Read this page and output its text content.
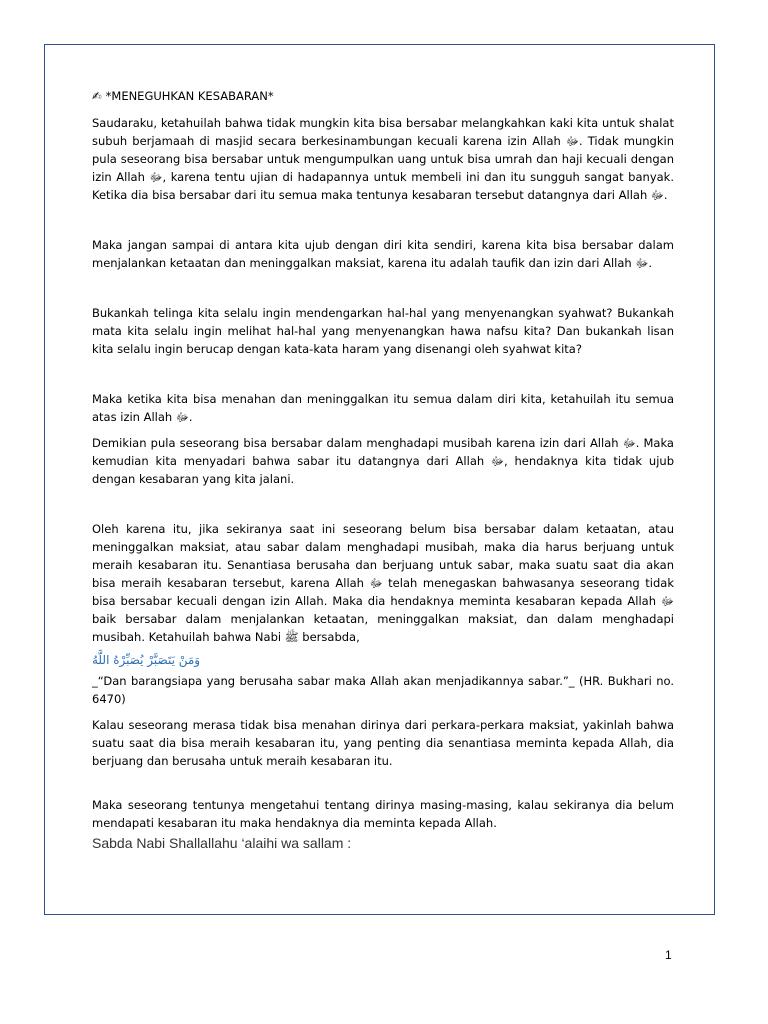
✍ *MENEGUHKAN KESABARAN*

Saudaraku, ketahuilah bahwa tidak mungkin kita bisa bersabar melangkahkan kaki kita untuk shalat subuh berjamaah di masjid secara berkesinambungan kecuali karena izin Allah ﷻ. Tidak mungkin pula seseorang bisa bersabar untuk mengumpulkan uang untuk bisa umrah dan haji kecuali dengan izin Allah ﷻ, karena tentu ujian di hadapannya untuk membeli ini dan itu sungguh sangat banyak. Ketika dia bisa bersabar dari itu semua maka tentunya kesabaran tersebut datangnya dari Allah ﷻ.

Maka jangan sampai di antara kita ujub dengan diri kita sendiri, karena kita bisa bersabar dalam menjalankan ketaatan dan meninggalkan maksiat, karena itu adalah taufik dan izin dari Allah ﷻ.

Bukankah telinga kita selalu ingin mendengarkan hal-hal yang menyenangkan syahwat? Bukankah mata kita selalu ingin melihat hal-hal yang menyenangkan hawa nafsu kita? Dan bukankah lisan kita selalu ingin berucap dengan kata-kata haram yang disenangi oleh syahwat kita?

Maka ketika kita bisa menahan dan meninggalkan itu semua dalam diri kita, ketahuilah itu semua atas izin Allah ﷻ.

Demikian pula seseorang bisa bersabar dalam menghadapi musibah karena izin dari Allah ﷻ. Maka kemudian kita menyadari bahwa sabar itu datangnya dari Allah ﷻ, hendaknya kita tidak ujub dengan kesabaran yang kita jalani.

Oleh karena itu, jika sekiranya saat ini seseorang belum bisa bersabar dalam ketaatan, atau meninggalkan maksiat, atau sabar dalam menghadapi musibah, maka dia harus berjuang untuk meraih kesabaran itu. Senantiasa berusaha dan berjuang untuk sabar, maka suatu saat dia akan bisa meraih kesabaran tersebut, karena Allah ﷻ telah menegaskan bahwasanya seseorang tidak bisa bersabar kecuali dengan izin Allah. Maka dia hendaknya meminta kesabaran kepada Allah ﷻ baik bersabar dalam menjalankan ketaatan, meninggalkan maksiat, dan dalam menghadapi musibah. Ketahuilah bahwa Nabi ﷺ bersabda,

وَمَنْ يَتَصَبَّرْ يُصَبِّرْهُ اللَّهُ

_“Dan barangsiapa yang berusaha sabar maka Allah akan menjadikannya sabar.”_ (HR. Bukhari no. 6470)

Kalau seseorang merasa tidak bisa menahan dirinya dari perkara-perkara maksiat, yakinlah bahwa suatu saat dia bisa meraih kesabaran itu, yang penting dia senantiasa meminta kepada Allah, dia berjuang dan berusaha untuk meraih kesabaran itu.

Maka seseorang tentunya mengetahui tentang dirinya masing-masing, kalau sekiranya dia belum mendapati kesabaran itu maka hendaknya dia meminta kepada Allah.

Sabda Nabi Shallallahu ‘alaihi wa sallam :
1
